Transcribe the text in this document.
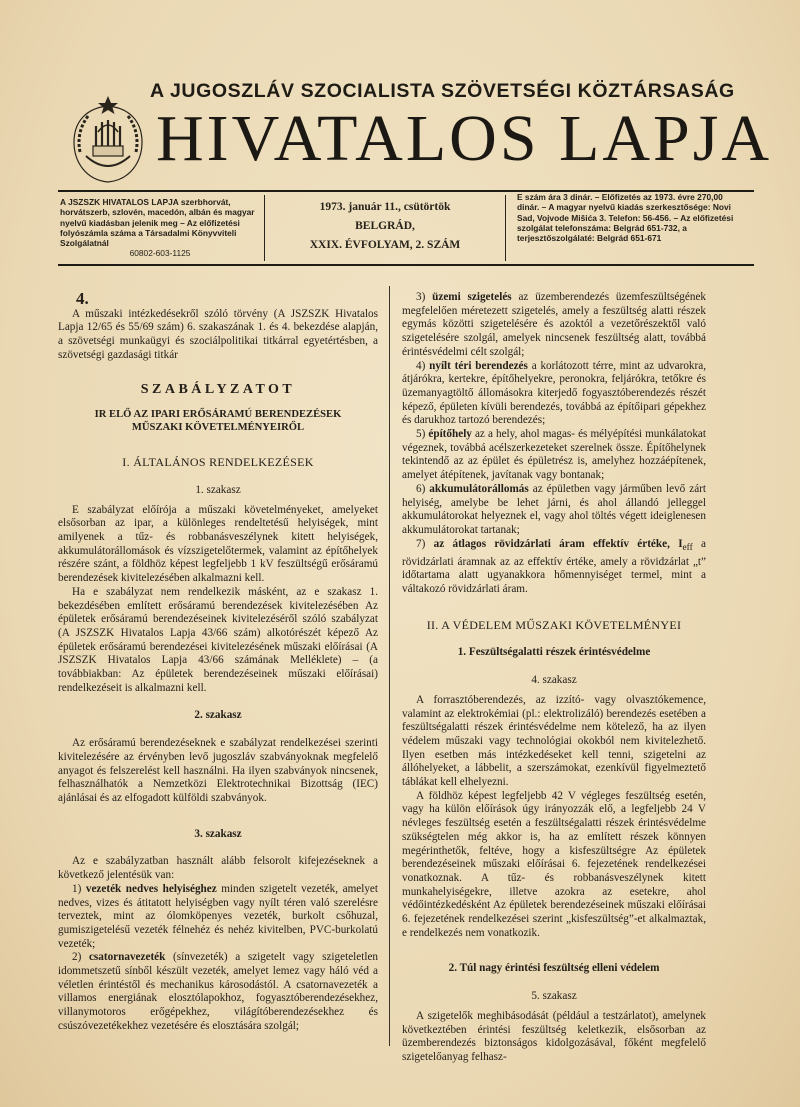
A JUGOSZLÁV SZOCIALISTA SZÖVETSÉGI KÖZTÁRSASÁG
HIVATALOS LAPJA
A JSZSZK HIVATALOS LAPJA szerbhorvát, horvátszerb, szlovén, macedón, albán és magyar nyelvű kiadásban jelenik meg – Az előfizetési folyószámla száma a Társadalmi Könyvviteli Szolgálatnál
60802-603-1125
1973. január 11., csütörtök
BELGRÁD,
XXIX. ÉVFOLYAM, 2. SZÁM
E szám ára 3 dinár. – Előfizetés az 1973. évre 270,00 dinár. – A magyar nyelvű kiadás szerkesztősége: Novi Sad, Vojvode Mišića 3. Telefon: 56-456. – Az előfizetési szolgálat telefonszáma: Belgrád 651-732, a terjesztőszolgálaté: Belgrád 651-671
4.

A műszaki intézkedésekről szóló törvény (A JSZSZK Hivatalos Lapja 12/65 és 55/69 szám) 6. szakaszának 1. és 4. bekezdése alapján, a szövetségi munkaügyi és szociálpolitikai titkárral egyetértésben, a szövetségi gazdasági titkár

SZABÁLYZATOT
IR ELŐ AZ IPARI ERŐSÁRAMÚ BERENDEZÉSEK
MŰSZAKI KÖVETELMÉNYEIRŐL
I. ÁLTALÁNOS RENDELKEZÉSEK
1. szakasz

E szabályzat előírója a műszaki követelményeket, amelyeket elsősorban az ipar, a különleges rendeltetésű helyiségek, mint amilyenek a tűz- és robbanásveszélynek kitett helyiségek, akkumulátorállomások és vízszigetelőtermek, valamint az építőhelyek részére szánt, a földhöz képest legfeljebb 1 kV feszültségű erősáramú berendezések kivitelezésében alkalmazni kell.

Ha e szabályzat nem rendelkezik másként, az e szakasz 1. bekezdésében említett erősáramú berendezések kivitelezésében Az épületek erősáramú berendezéseinek kivitelezéséről szóló szabályzat (A JSZSZK Hivatalos Lapja 43/66 szám) alkotórészét képező Az épületek erősáramú berendezései kivitelezésének műszaki előírásai (A JSZSZK Hivatalos Lapja 43/66 számának Melléklete) – (a továbbiakban: Az épületek berendezéseinek műszaki előírásai) rendelkezéseit is alkalmazni kell.

2. szakasz

Az erősáramú berendezéseknek e szabályzat rendelkezései szerinti kivitelezésére az érvényben levő jugoszláv szabványoknak megfelelő anyagot és felszerelést kell használni. Ha ilyen szabványok nincsenek, felhasználhatók a Nemzetközi Elektrotechnikai Bizottság (IEC) ajánlásai és az elfogadott külföldi szabványok.

3. szakasz

Az e szabályzatban használt alább felsorolt kifejezéseknek a következő jelentésük van:

1) vezeték nedves helyiséghez minden szigetelt vezeték, amelyet nedves, vizes és átitatott helyiségben vagy nyílt téren való szerelésre terveztek, mint az ólomköpenyes vezeték, burkolt csőhuzal, gumiszigetelésű vezeték félnehéz és nehéz kivitelben, PVC-burkolatú vezeték;

2) csatornavezeték (sínvezeték) a szigetelt vagy szigeteletlen idommetszetű sínből készült vezeték, amelyet lemez vagy háló véd a véletlen érintéstől és mechanikus károsodástól. A csatornavezeték a villamos energiának elosztólapokhoz, fogyasztóberendezésekhez, villanymotoros erőgépekhez, világítóberendezésekhez és csúszóvezetékekhez vezetésére és elosztására szolgál;

3) üzemi szigetelés az üzemberendezés üzemfeszültségének megfelelően méretezett szigetelés, amely a feszültség alatti részek egymás közötti szigetelésére és azoktól a vezetőrészektől való szigetelésére szolgál, amelyek nincsenek feszültség alatt, továbbá érintésvédelmi célt szolgál;

4) nyílt téri berendezés a korlátozott térre, mint az udvarokra, átjárókra, kertekre, építőhelyekre, peronokra, feljárókra, tetőkre és üzemanyagtöltő állomásokra kiterjedő fogyasztóberendezés részét képező, épületen kívüli berendezés, továbbá az építőipari gépekhez és darukhoz tartozó berendezés;

5) építőhely az a hely, ahol magas- és mélyépítési munkálatokat végeznek, továbbá acélszerkezeteket szerelnek össze. Építőhelynek tekintendő az az épület és épületrész is, amelyhez hozzáépítenek, amelyet átépítenek, javítanak vagy bontanak;

6) akkumulátorállomás az épületben vagy járműben levő zárt helyiség, amelybe be lehet járni, és ahol állandó jelleggel akkumulátorokat helyeznek el, vagy ahol töltés végett ideiglenesen akkumulátorokat tartanak;

7) az átlagos rövidzárlati áram effektív értéke, $I_{eff}$ a rövidzárlati áramnak az az effektív értéke, amely a rövidzárlat „t” időtartama alatt ugyanakkora hőmennyiséget termel, mint a váltakozó rövidzárlati áram.

II. A VÉDELEM MŰSZAKI KÖVETELMÉNYEI
1. Feszültségalatti részek érintésvédelme
4. szakasz

A forrasztóberendezés, az izzító- vagy olvasztókemence, valamint az elektrokémiai (pl.: elektrolizáló) berendezés esetében a feszültségalatti részek érintésvédelme nem kötelező, ha az ilyen védelem műszaki vagy technológiai okokból nem kivitelezhető. Ilyen esetben más intézkedéseket kell tenni, szigetelni az állóhelyeket, a lábbelit, a szerszámokat, ezenkívül figyelmeztető táblákat kell elhelyezni.

A földhöz képest legfeljebb 42 V végleges feszültség esetén, vagy ha külön előírások úgy irányozzák elő, a legfeljebb 24 V névleges feszültség esetén a feszültségalatti részek érintésvédelme szükségtelen még akkor is, ha az említett részek könnyen megérinthetők, feltéve, hogy a kisfeszültségre Az épületek berendezéseinek műszaki előírásai 6. fejezetének rendelkezései vonatkoznak. A tűz- és robbanásveszélynek kitett munkahelyiségekre, illetve azokra az esetekre, ahol védőintézkedésként Az épületek berendezéseinek műszaki előírásai 6. fejezetének rendelkezései szerint „kisfeszültség”-et alkalmaztak, e rendelkezés nem vonatkozik.

2. Túl nagy érintési feszültség elleni védelem
5. szakasz

A szigetelők meghibásodását (például a testzárlatot), amelynek következtében érintési feszültség keletkezik, elsősorban az üzemberendezés biztonságos kidolgozásával, főként megfelelő szigetelőanyag felhasz-
